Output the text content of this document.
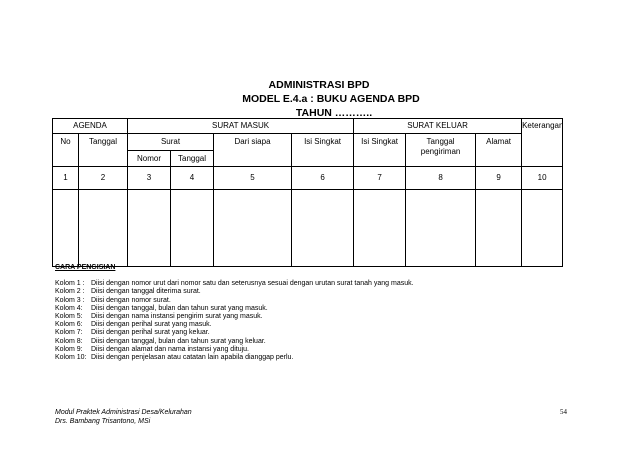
ADMINISTRASI BPD
MODEL E.4.a : BUKU AGENDA BPD
TAHUN ………..
AGENDA		SURAT MASUK				SURAT KELUAR			Keterangan
No	Tanggal	Surat		Dari siapa	Isi Singkat	Isi Singkat	Tanggal pengiriman	Alamat	
		Nomor	Tanggal						
1	2	3	4	5	6	7	8	9	10

CARA PENGISIAN
Kolom 1 : Diisi dengan nomor urut dari nomor satu dan seterusnya sesuai dengan urutan surat tanah yang masuk.
Kolom 2 : Diisi dengan tanggal diterima surat.
Kolom 3 : Diisi dengan nomor surat.
Kolom 4: Diisi dengan tanggal, bulan dan tahun surat yang masuk.
Kolom 5: Diisi dengan nama instansi pengirim surat yang masuk.
Kolom 6: Diisi dengan perihal surat yang masuk.
Kolom 7: Diisi dengan perihal surat yang keluar.
Kolom 8: Diisi dengan tanggal, bulan dan tahun surat yang keluar.
Kolom 9: Diisi dengan alamat dan nama instansi yang dituju.
Kolom 10: Diisi dengan penjelasan atau catatan lain apabila dianggap perlu.
Modul Praktek Administrasi Desa/Kelurahan
Drs. Bambang Trisantono, MSi
54
